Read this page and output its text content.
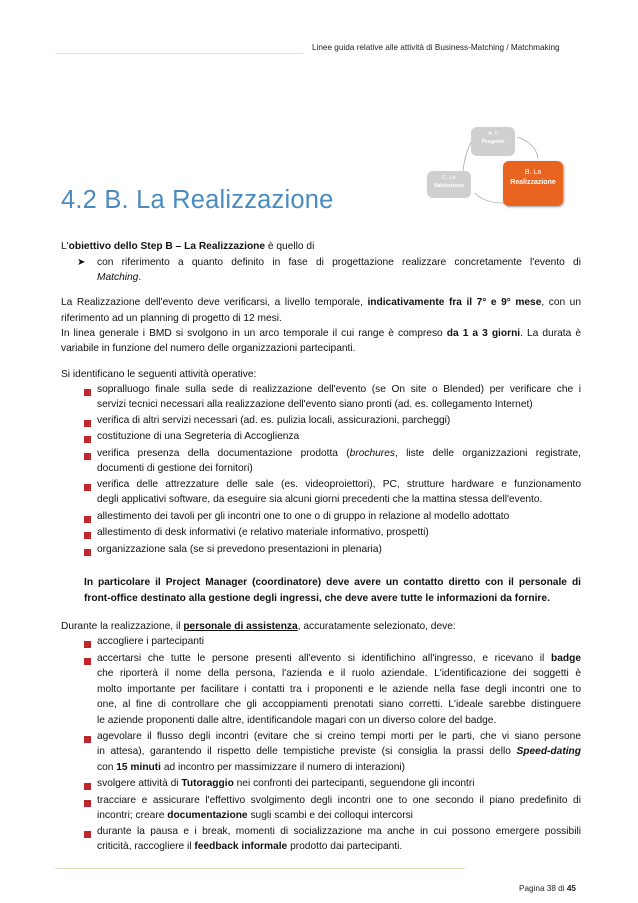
Linee guida relative alle attività di Business-Matching / Matchmaking
A. Il
Progetto
B. La
Realizzazione
C. La
Valutazione
4.2 B. La Realizzazione
L'obiettivo dello Step B – La Realizzazione è quello di
➤ con riferimento a quanto definito in fase di progettazione realizzare concretamente l'evento di
Matching.
La Realizzazione dell'evento deve verificarsi, a livello temporale, indicativamente fra il 7° e 9° mese, con un
riferimento ad un planning di progetto di 12 mesi.
In linea generale i BMD si svolgono in un arco temporale il cui range è compreso da 1 a 3 giorni. La durata è
variabile in funzione del numero delle organizzazioni partecipanti.
Si identificano le seguenti attività operative:
sopralluogo finale sulla sede di realizzazione dell'evento (se On site o Blended) per verificare che i
servizi tecnici necessari alla realizzazione dell'evento siano pronti (ad. es. collegamento Internet)
verifica di altri servizi necessari (ad. es. pulizia locali, assicurazioni, parcheggi)
costituzione di una Segreteria di Accoglienza
verifica presenza della documentazione prodotta (brochures, liste delle organizzazioni registrate,
documenti di gestione dei fornitori)
verifica delle attrezzature delle sale (es. videoproiettori), PC, strutture hardware e funzionamento
degli applicativi software, da eseguire sia alcuni giorni precedenti che la mattina stessa dell'evento.
allestimento dei tavoli per gli incontri one to one o di gruppo in relazione al modello adottato
allestimento di desk informativi (e relativo materiale informativo, prospetti)
organizzazione sala (se si prevedono presentazioni in plenaria)
In particolare il Project Manager (coordinatore) deve avere un contatto diretto con il personale di
front-office destinato alla gestione degli ingressi, che deve avere tutte le informazioni da fornire.
Durante la realizzazione, il personale di assistenza, accuratamente selezionato, deve:
accogliere i partecipanti
accertarsi che tutte le persone presenti all'evento si identifichino all'ingresso, e ricevano il badge
che riporterà il nome della persona, l'azienda e il ruolo aziendale. L'identificazione dei soggetti è
molto importante per facilitare i contatti tra i proponenti e le aziende nella fase degli incontri one to
one, al fine di controllare che gli accoppiamenti prenotati siano corretti. L'ideale sarebbe distinguere
le aziende proponenti dalle altre, identificandole magari con un diverso colore del badge.
agevolare il flusso degli incontri (evitare che si creino tempi morti per le parti, che vi siano persone
in attesa), garantendo il rispetto delle tempistiche previste (si consiglia la prassi dello Speed-dating
con 15 minuti ad incontro per massimizzare il numero di interazioni)
svolgere attività di Tutoraggio nei confronti dei partecipanti, seguendone gli incontri
tracciare e assicurare l'effettivo svolgimento degli incontri one to one secondo il piano predefinito di
incontri; creare documentazione sugli scambi e dei colloqui intercorsi
durante la pausa e i break, momenti di socializzazione ma anche in cui possono emergere possibili
criticità, raccogliere il feedback informale prodotto dai partecipanti.
Pagina 38 di 45
